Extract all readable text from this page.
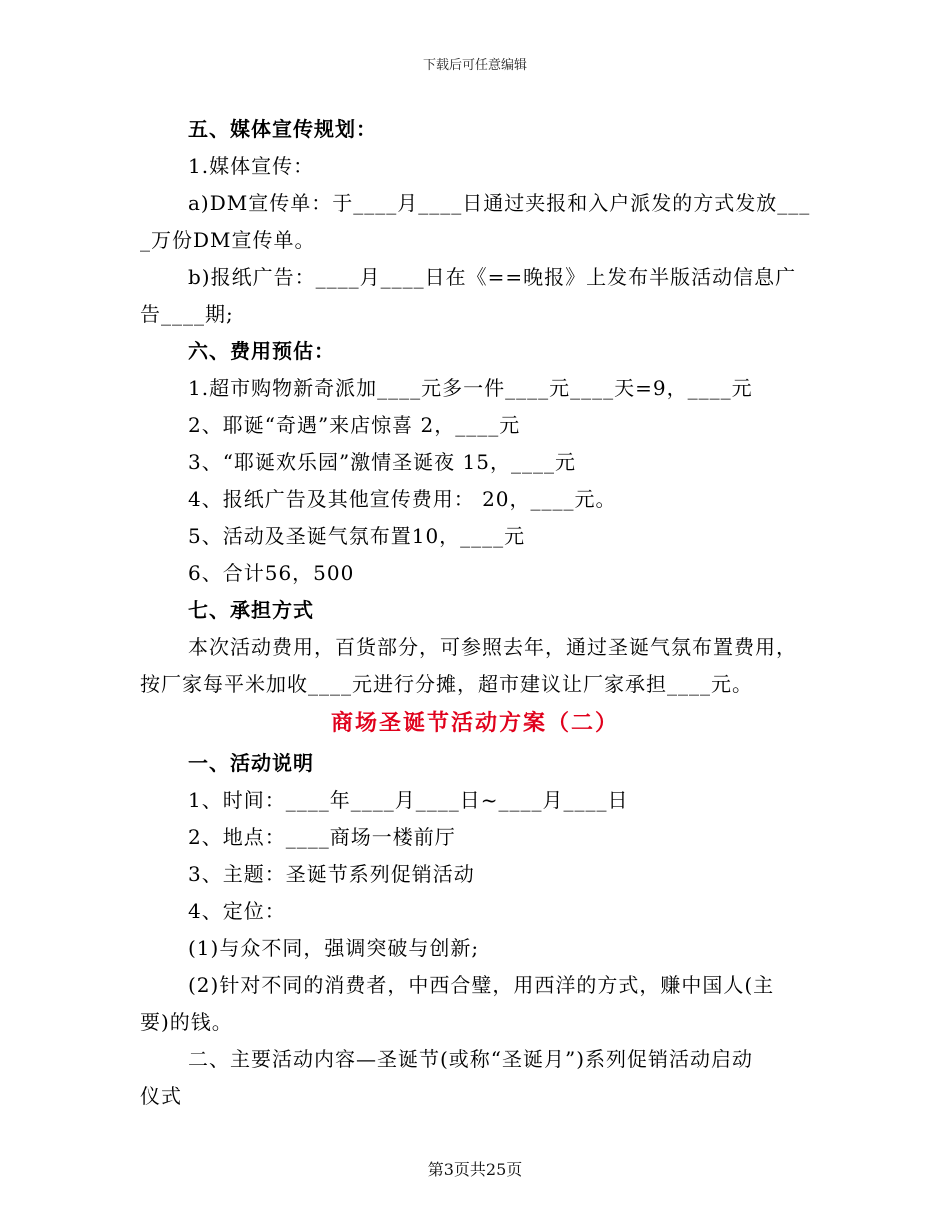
下载后可任意编辑
五、媒体宣传规划：
1.媒体宣传：
a)DM宣传单：于____月____日通过夹报和入户派发的方式发放___
_万份DM宣传单。
b)报纸广告：____月____日在《==晚报》上发布半版活动信息广
告____期;
六、费用预估：
1.超市购物新奇派加____元多一件____元____天=9，____元
2、耶诞“奇遇”来店惊喜 2，____元
3、“耶诞欢乐园”激情圣诞夜 15，____元
4、报纸广告及其他宣传费用： 20，____元。
5、活动及圣诞气氛布置10，____元
6、合计56，500
七、承担方式
本次活动费用，百货部分，可参照去年，通过圣诞气氛布置费用，
按厂家每平米加收____元进行分摊，超市建议让厂家承担____元。
商场圣诞节活动方案（二）
一、活动说明
1、时间：____年____月____日~____月____日
2、地点：____商场一楼前厅
3、主题：圣诞节系列促销活动
4、定位：
(1)与众不同，强调突破与创新;
(2)针对不同的消费者，中西合璧，用西洋的方式，赚中国人(主
要)的钱。
二、主要活动内容—圣诞节(或称“圣诞月”)系列促销活动启动
仪式
第3页共25页
